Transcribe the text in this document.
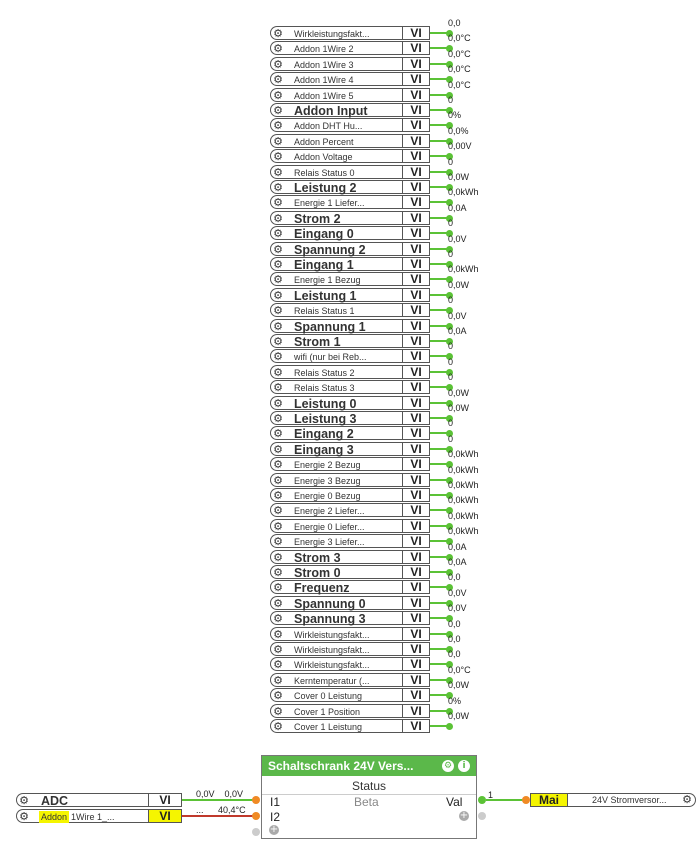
⚙ Wirkleistungsfakt...	VI
0,0
⚙ Addon 1Wire 2	VI
0,0°C
⚙ Addon 1Wire 3	VI
0,0°C
⚙ Addon 1Wire 4	VI
0,0°C
⚙ Addon 1Wire 5	VI
0,0°C
⚙ Addon Input	VI
0
⚙ Addon DHT Hu...	VI
0%
⚙ Addon Percent	VI
0,0%
⚙ Addon Voltage	VI
0,00V
⚙ Relais Status 0	VI
0
⚙ Leistung 2	VI
0,0W
⚙ Energie 1 Liefer...	VI
0,0kWh
⚙ Strom 2	VI
0,0A
⚙ Eingang 0	VI
0
⚙ Spannung 2	VI
0,0V
⚙ Eingang 1	VI
0
⚙ Energie 1 Bezug	VI
0,0kWh
⚙ Leistung 1	VI
0,0W
⚙ Relais Status 1	VI
0
⚙ Spannung 1	VI
0,0V
⚙ Strom 1	VI
0,0A
⚙ wifi (nur bei Reb...	VI
0
⚙ Relais Status 2	VI
0
⚙ Relais Status 3	VI
0
⚙ Leistung 0	VI
0,0W
⚙ Leistung 3	VI
0,0W
⚙ Eingang 2	VI
0
⚙ Eingang 3	VI
0
⚙ Energie 2 Bezug	VI
0,0kWh
⚙ Energie 3 Bezug	VI
0,0kWh
⚙ Energie 0 Bezug	VI
0,0kWh
⚙ Energie 2 Liefer...	VI
0,0kWh
⚙ Energie 0 Liefer...	VI
0,0kWh
⚙ Energie 3 Liefer...	VI
0,0kWh
⚙ Strom 3	VI
0,0A
⚙ Strom 0	VI
0,0A
⚙ Frequenz	VI
0,0
⚙ Spannung 0	VI
0,0V
⚙ Spannung 3	VI
0,0V
⚙ Wirkleistungsfakt...	VI
0,0
⚙ Wirkleistungsfakt...	VI
0,0
⚙ Wirkleistungsfakt...	VI
0,0
⚙ Kerntemperatur (...	VI
0,0°C
⚙ Cover 0 Leistung	VI
0,0W
⚙ Cover 1 Position	VI
0%
⚙ Cover 1 Leistung	VI
0,0W
⚙ ADC	VI
⚙ Addon 1Wire 1_...	VI
0,0V    0,0V
... 40,4°C
Schaltschrank 24V Vers...	⚙	i
Status
I1
I2
Beta	Val
+
+
1	Mai	24V Stromversor... ⚙
